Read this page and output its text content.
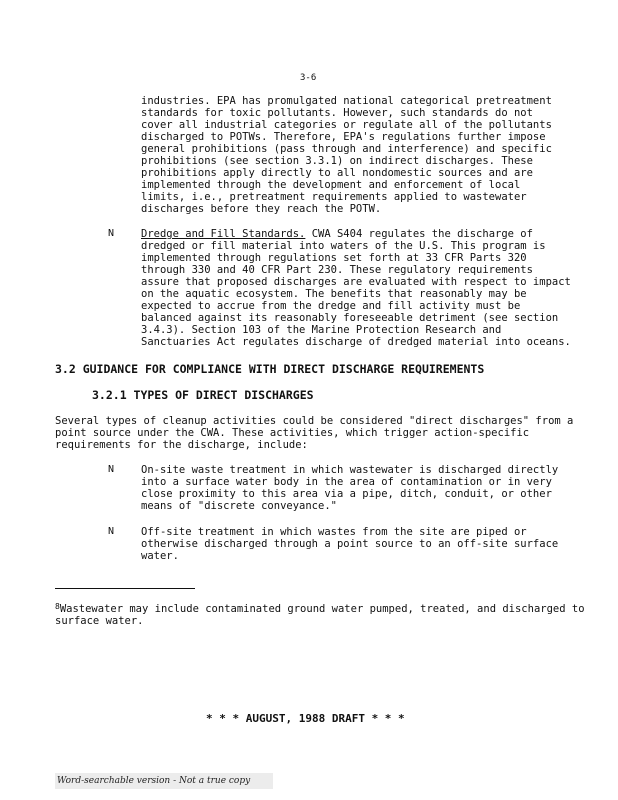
3-6

industries. EPA has promulgated national categorical pretreatment standards for toxic pollutants. However, such standards do not cover all industrial categories or regulate all of the pollutants discharged to POTWs. Therefore, EPA's regulations further impose general prohibitions (pass through and interference) and specific prohibitions (see section 3.3.1) on indirect discharges. These prohibitions apply directly to all nondomestic sources and are implemented through the development and enforcement of local limits, i.e., pretreatment requirements applied to wastewater discharges before they reach the POTW.

N	Dredge and Fill Standards. CWA S404 regulates the discharge of dredged or fill material into waters of the U.S. This program is implemented through regulations set forth at 33 CFR Parts 320 through 330 and 40 CFR Part 230. These regulatory requirements assure that proposed discharges are evaluated with respect to impact on the aquatic ecosystem. The benefits that reasonably may be expected to accrue from the dredge and fill activity must be balanced against its reasonably foreseeable detriment (see section 3.4.3). Section 103 of the Marine Protection Research and Sanctuaries Act regulates discharge of dredged material into oceans.

3.2 GUIDANCE FOR COMPLIANCE WITH DIRECT DISCHARGE REQUIREMENTS
3.2.1 TYPES OF DIRECT DISCHARGES

Several types of cleanup activities could be considered "direct discharges" from a point source under the CWA. These activities, which trigger action-specific requirements for the discharge, include:

N	On-site waste treatment in which wastewater is discharged directly into a surface water body in the area of contamination or in very close proximity to this area via a pipe, ditch, conduit, or other means of "discrete conveyance."

N	Off-site treatment in which wastes from the site are piped or otherwise discharged through a point source to an off-site surface water.

$^8$Wastewater may include contaminated ground water pumped, treated, and discharged to surface water.

* * * AUGUST, 1988 DRAFT * * *
Word-searchable version - Not a true copy
